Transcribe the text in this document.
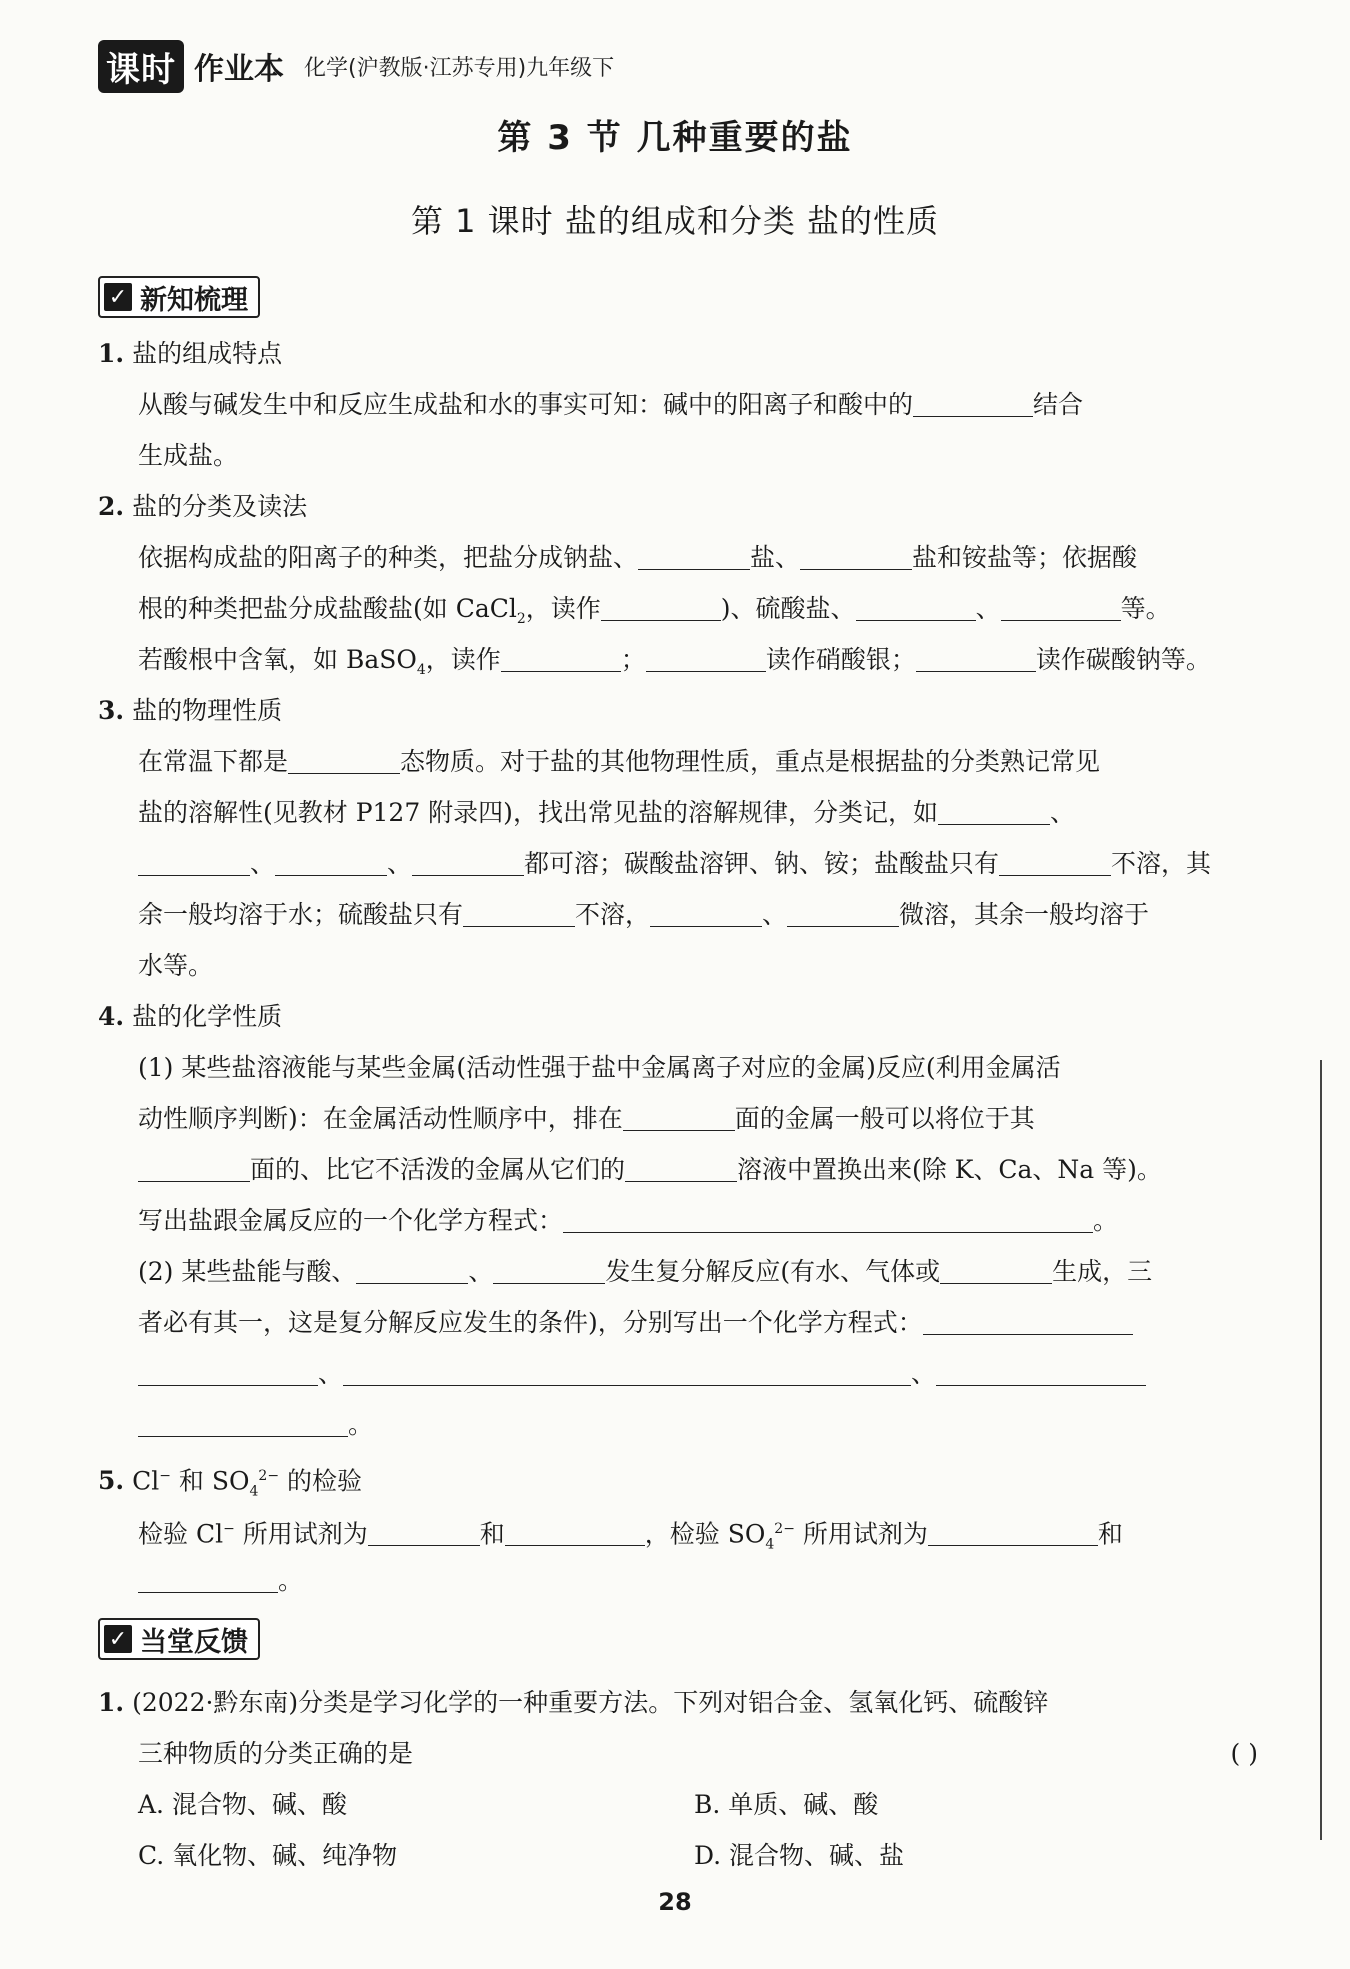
课时 作业本 化学(沪教版·江苏专用)九年级下
第 3 节 几种重要的盐
第 1 课时 盐的组成和分类 盐的性质
✓ 新知梳理
1. 盐的组成特点
从酸与碱发生中和反应生成盐和水的事实可知：碱中的阳离子和酸中的	结合
生成盐。
2. 盐的分类及读法
依据构成盐的阳离子的种类，把盐分成钠盐、	盐、	盐和铵盐等；依据酸
根的种类把盐分成盐酸盐(如 CaCl$_2$，读作	)、硫酸盐、	、	等。
若酸根中含氧，如 BaSO$_4$，读作	；	读作硝酸银；	读作碳酸钠等。
3. 盐的物理性质
在常温下都是	态物质。对于盐的其他物理性质，重点是根据盐的分类熟记常见
盐的溶解性(见教材 P127 附录四)，找出常见盐的溶解规律，分类记，如	、
、	、	都可溶；碳酸盐溶钾、钠、铵；盐酸盐只有	不溶，其
余一般均溶于水；硫酸盐只有	不溶，	、	微溶，其余一般均溶于
水等。
4. 盐的化学性质
(1) 某些盐溶液能与某些金属(活动性强于盐中金属离子对应的金属)反应(利用金属活
动性顺序判断)：在金属活动性顺序中，排在	面的金属一般可以将位于其
面的、比它不活泼的金属从它们的	溶液中置换出来(除 K、Ca、Na 等)。
写出盐跟金属反应的一个化学方程式：	。
(2) 某些盐能与酸、	、	发生复分解反应(有水、气体或	生成，三
者必有其一，这是复分解反应发生的条件)，分别写出一个化学方程式：
、	、
。
5. Cl− 和 $SO_4^{2-}$ 的检验
检验 Cl− 所用试剂为	和	，检验 $SO_4^{2-}$ 所用试剂为	和
。
✓ 当堂反馈
1. (2022·黔东南)分类是学习化学的一种重要方法。下列对铝合金、氢氧化钙、硫酸锌
三种物质的分类正确的是	( )
A. 混合物、碱、酸	B. 单质、碱、酸
C. 氧化物、碱、纯净物	D. 混合物、碱、盐
28
